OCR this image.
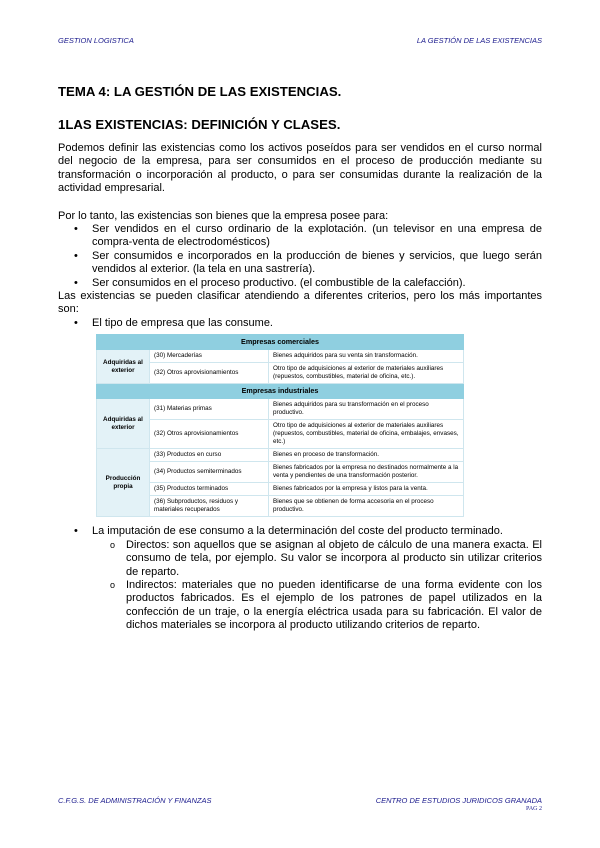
GESTION LOGISTICA	LA GESTIÓN DE LAS EXISTENCIAS
TEMA 4: LA GESTIÓN DE LAS EXISTENCIAS.
1LAS EXISTENCIAS: DEFINICIÓN Y CLASES.

Podemos definir las existencias como los activos poseídos para ser vendidos en el curso normal del negocio de la empresa, para ser consumidos en el proceso de producción mediante su transformación o incorporación al producto, o para ser consumidas durante la realización de la actividad empresarial.

Por lo tanto, las existencias son bienes que la empresa posee para:

• Ser vendidos en el curso ordinario de la explotación. (un televisor en una empresa de compra-venta de electrodomésticos)
• Ser consumidos e incorporados en la producción de bienes y servicios, que luego serán vendidos al exterior. (la tela en una sastrería).
• Ser consumidos en el proceso productivo. (el combustible de la calefacción).

Las existencias se pueden clasificar atendiendo a diferentes criterios, pero los más importantes son:

• El tipo de empresa que las consume.
Empresas comerciales		
Adquiridas al exterior	(30) Mercaderías	Bienes adquiridos para su venta sin transformación.
	(32) Otros aprovisionamientos	Otro tipo de adquisiciones al exterior de materiales auxiliares (repuestos, combustibles, material de oficina, etc.).
Empresas industriales		
Adquiridas al exterior	(31) Materias primas	Bienes adquiridos para su transformación en el proceso productivo.
	(32) Otros aprovisionamientos	Otro tipo de adquisiciones al exterior de materiales auxiliares (repuestos, combustibles, material de oficina, embalajes, envases, etc.)
Producción propia	(33) Productos en curso	Bienes en proceso de transformación.
	(34) Productos semiterminados	Bienes fabricados por la empresa no destinados normalmente a la venta y pendientes de una transformación posterior.
	(35) Productos terminados	Bienes fabricados por la empresa y listos para la venta.
	(36) Subproductos, residuos y materiales recuperados	Bienes que se obtienen de forma accesoria en el proceso productivo.
• La imputación de ese consumo a la determinación del coste del producto terminado.
o Directos: son aquellos que se asignan al objeto de cálculo de una manera exacta. El consumo de tela, por ejemplo. Su valor se incorpora al producto sin utilizar criterios de reparto.
o Indirectos: materiales que no pueden identificarse de una forma evidente con los productos fabricados. Es el ejemplo de los patrones de papel utilizados en la confección de un traje, o la energía eléctrica usada para su fabricación. El valor de dichos materiales se incorpora al producto utilizando criterios de reparto.
C.F.G.S. DE ADMINISTRACIÓN Y FINANZAS	CENTRO DE ESTUDIOS JURIDICOS GRANADA
PAG 2
